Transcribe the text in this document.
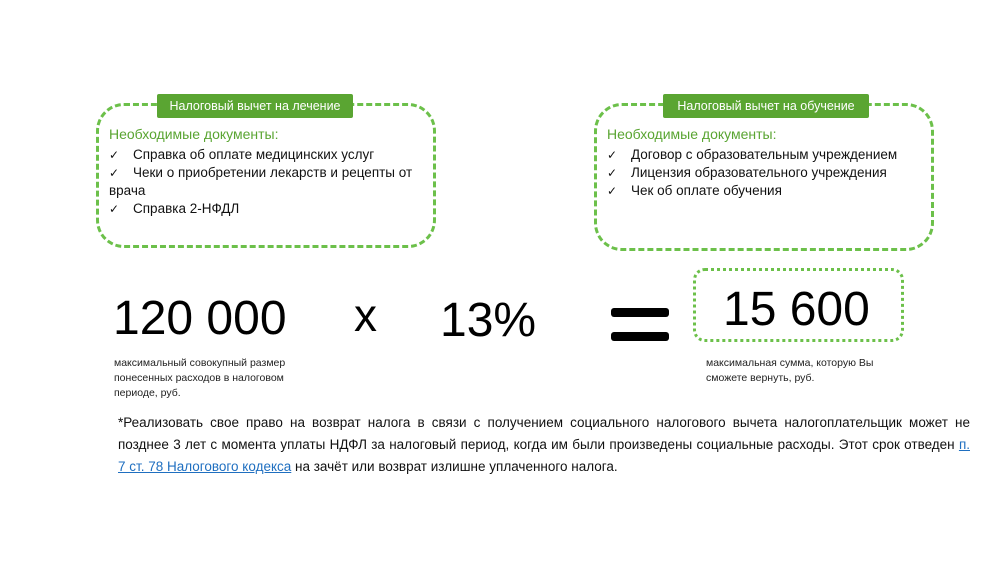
Налоговый вычет на лечение
Необходимые документы:
✓ Справка об оплате медицинских услуг
✓ Чеки о приобретении лекарств и рецепты от врача
✓ Справка 2-НФДЛ
Налоговый вычет на обучение
Необходимые документы:
✓ Договор с образовательным учреждением
✓ Лицензия образовательного учреждения
✓ Чек об оплате обучения
120 000 x 13%	15 600
максимальный совокупный размер понесенных расходов в налоговом периоде, руб.
максимальная сумма, которую Вы сможете вернуть, руб.
*Реализовать свое право на возврат налога в связи с получением социального налогового вычета налогоплательщик может не позднее 3 лет с момента уплаты НДФЛ за налоговый период, когда им были произведены социальные расходы. Этот срок отведен п. 7 ст. 78 Налогового кодекса на зачёт или возврат излишне уплаченного налога.
